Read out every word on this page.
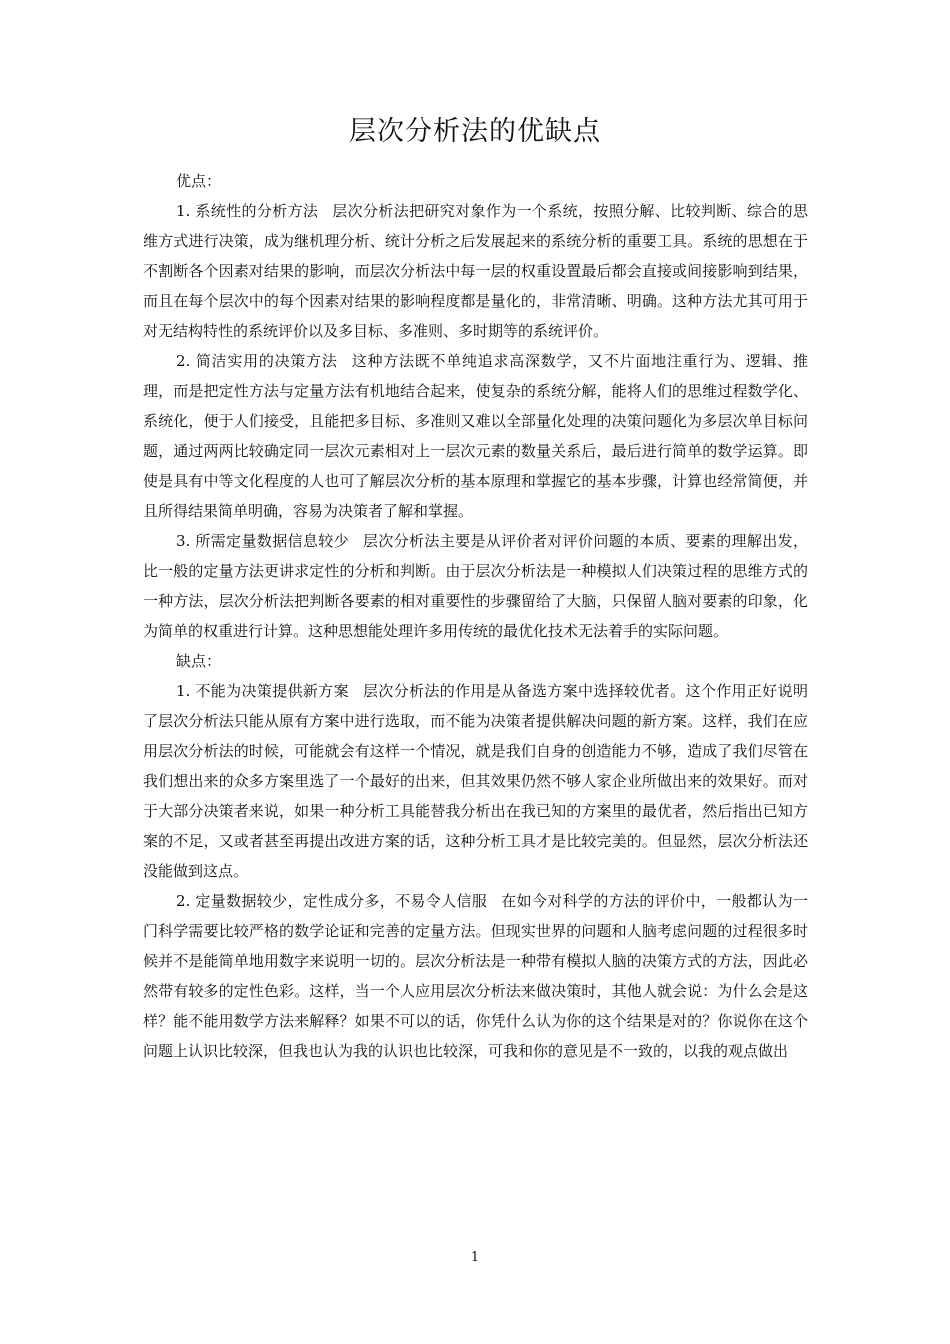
层次分析法的优缺点

优点：

1. 系统性的分析方法 层次分析法把研究对象作为一个系统，按照分解、比较判断、综合的思维方式进行决策，成为继机理分析、统计分析之后发展起来的系统分析的重要工具。系统的思想在于不割断各个因素对结果的影响，而层次分析法中每一层的权重设置最后都会直接或间接影响到结果，而且在每个层次中的每个因素对结果的影响程度都是量化的，非常清晰、明确。这种方法尤其可用于对无结构特性的系统评价以及多目标、多准则、多时期等的系统评价。

2. 简洁实用的决策方法 这种方法既不单纯追求高深数学，又不片面地注重行为、逻辑、推理，而是把定性方法与定量方法有机地结合起来，使复杂的系统分解，能将人们的思维过程数学化、系统化，便于人们接受，且能把多目标、多准则又难以全部量化处理的决策问题化为多层次单目标问题，通过两两比较确定同一层次元素相对上一层次元素的数量关系后，最后进行简单的数学运算。即使是具有中等文化程度的人也可了解层次分析的基本原理和掌握它的基本步骤，计算也经常简便，并且所得结果简单明确，容易为决策者了解和掌握。

3. 所需定量数据信息较少 层次分析法主要是从评价者对评价问题的本质、要素的理解出发，比一般的定量方法更讲求定性的分析和判断。由于层次分析法是一种模拟人们决策过程的思维方式的一种方法，层次分析法把判断各要素的相对重要性的步骤留给了大脑，只保留人脑对要素的印象，化为简单的权重进行计算。这种思想能处理许多用传统的最优化技术无法着手的实际问题。

缺点：

1. 不能为决策提供新方案 层次分析法的作用是从备选方案中选择较优者。这个作用正好说明了层次分析法只能从原有方案中进行选取，而不能为决策者提供解决问题的新方案。这样，我们在应用层次分析法的时候，可能就会有这样一个情况，就是我们自身的创造能力不够，造成了我们尽管在我们想出来的众多方案里选了一个最好的出来，但其效果仍然不够人家企业所做出来的效果好。而对于大部分决策者来说，如果一种分析工具能替我分析出在我已知的方案里的最优者，然后指出已知方案的不足，又或者甚至再提出改进方案的话，这种分析工具才是比较完美的。但显然，层次分析法还没能做到这点。

2. 定量数据较少，定性成分多，不易令人信服 在如今对科学的方法的评价中，一般都认为一门科学需要比较严格的数学论证和完善的定量方法。但现实世界的问题和人脑考虑问题的过程很多时候并不是能简单地用数字来说明一切的。层次分析法是一种带有模拟人脑的决策方式的方法，因此必然带有较多的定性色彩。这样，当一个人应用层次分析法来做决策时，其他人就会说：为什么会是这样？能不能用数学方法来解释？如果不可以的话，你凭什么认为你的这个结果是对的？你说你在这个问题上认识比较深，但我也认为我的认识也比较深，可我和你的意见是不一致的，以我的观点做出

1
